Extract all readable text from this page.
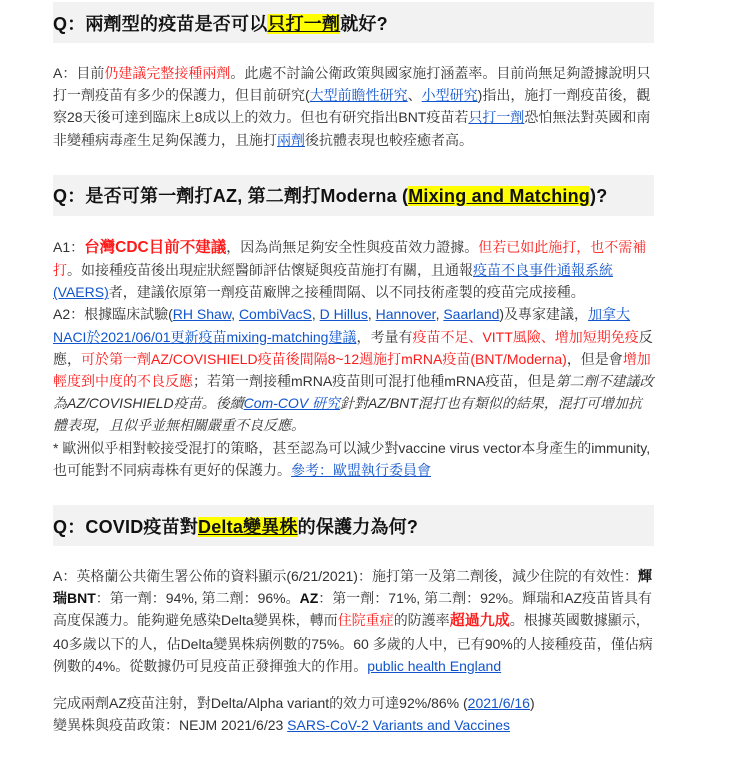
Q：兩劑型的疫苗是否可以只打一劑就好?

A：目前仍建議完整接種兩劑。此處不討論公衛政策與國家施打涵蓋率。目前尚無足夠證據說明只打一劑疫苗有多少的保護力，但目前研究(大型前瞻性研究、小型研究)指出，施打一劑疫苗後，觀察28天後可達到臨床上8成以上的效力。但也有研究指出BNT疫苗若只打一劑恐怕無法對英國和南非變種病毒產生足夠保護力，且施打兩劑後抗體表現也較痊癒者高。

Q：是否可第一劑打AZ, 第二劑打Moderna (Mixing and Matching)?

A1：台灣CDC目前不建議，因為尚無足夠安全性與疫苗效力證據。但若已如此施打，也不需補打。如接種疫苗後出現症狀經醫師評估懷疑與疫苗施打有關，且通報疫苗不良事件通報系統(VAERS)者，建議依原第一劑疫苗廠牌之接種間隔、以不同技術產製的疫苗完成接種。
A2：根據臨床試驗(RH Shaw, CombiVacS, D Hillus, Hannover, Saarland)及專家建議，加拿大NACI於2021/06/01更新疫苗mixing-matching建議，考量有疫苗不足、VITT風險、增加短期免疫反應，可於第一劑AZ/COVISHIELD疫苗後間隔8~12週施打mRNA疫苗(BNT/Moderna)，但是會增加輕度到中度的不良反應；若第一劑接種mRNA疫苗則可混打他種mRNA疫苗，但是第二劑不建議改為AZ/COVISHIELD疫苗。後續Com-COV 研究針對AZ/BNT混打也有類似的結果，混打可增加抗體表現，且似乎並無相關嚴重不良反應。
* 歐洲似乎相對較接受混打的策略，甚至認為可以減少對vaccine virus vector本身產生的immunity,也可能對不同病毒株有更好的保護力。參考：歐盟執行委員會

Q：COVID疫苗對Delta變異株的保護力為何?

A：英格蘭公共衛生署公佈的資料顯示(6/21/2021)：施打第一及第二劑後，減少住院的有效性：輝瑞BNT：第一劑：94%, 第二劑：96%。AZ：第一劑：71%, 第二劑：92%。輝瑞和AZ疫苗皆具有高度保護力。能夠避免感染Delta變異株，轉而住院重症的防護率超過九成。根據英國數據顯示，40多歲以下的人，佔Delta變異株病例數的75%。60 多歲的人中，已有90%的人接種疫苗，僅佔病例數的4%。從數據仍可見疫苗正發揮強大的作用。public health England

完成兩劑AZ疫苗注射，對Delta/Alpha variant的效力可達92%/86% (2021/6/16)
變異株與疫苗政策：NEJM 2021/6/23 SARS-CoV-2 Variants and Vaccines
